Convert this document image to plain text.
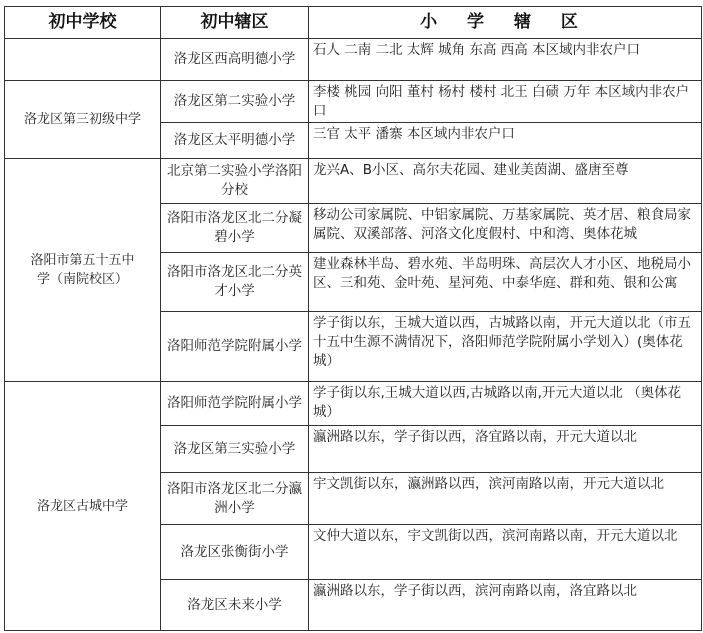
初中学校	初中辖区	小 学 辖 区
	洛龙区西高明德小学	石人 二南 二北 太辉 城角 东高 西高 本区域内非农户口
洛龙区第三初级中学	洛龙区第二实验小学	李楼 桃园 向阳 董村 杨村 楼村 北王 白碛 万年 本区域内非农户口
	洛龙区太平明德小学	三官 太平 潘寨 本区域内非农户口
洛阳市第五十五中学（南院校区）	北京第二实验小学洛阳分校	龙兴A、B小区、高尔夫花园、建业美茵湖、盛唐至尊
	洛阳市洛龙区北二分凝碧小学	移动公司家属院、中铝家属院、万基家属院、英才居、粮食局家属院、双溪部落、河洛文化度假村、中和湾、奥体花城
	洛阳市洛龙区北二分英才小学	建业森林半岛、碧水苑、半岛明珠、高层次人才小区、地税局小区、三和苑、金叶苑、星河苑、中泰华庭、群和苑、银和公寓
	洛阳师范学院附属小学	学子街以东，王城大道以西，古城路以南，开元大道以北（市五十五中生源不满情况下，洛阳师范学院附属小学划入）(奥体花城）
洛龙区古城中学	洛阳师范学院附属小学	学子街以东,王城大道以西,古城路以南,开元大道以北 （奥体花城）
	洛龙区第三实验小学	瀛洲路以东，学子街以西，洛宜路以南，开元大道以北
	洛阳市洛龙区北二分瀛洲小学	宇文凯街以东，瀛洲路以西，滨河南路以南，开元大道以北
	洛龙区张衡街小学	文仲大道以东，宇文凯街以西，滨河南路以南，开元大道以北
	洛龙区未来小学	瀛洲路以东，学子街以西，滨河南路以南，洛宜路以北
